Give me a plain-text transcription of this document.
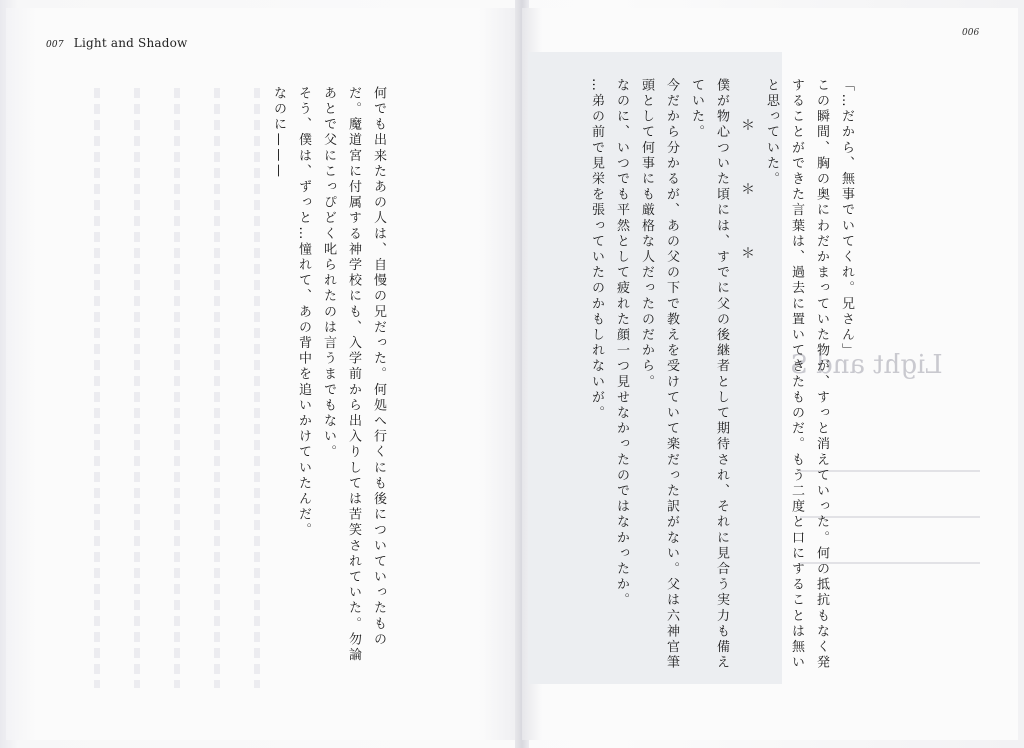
007 Light and Shadow

何でも出来たあの人は、自慢の兄だった。何処へ行くにも後についていったものだ。魔道宮に付属する神学校にも、入学前から出入りしては苦笑されていた。勿論あとで父にこっぴどく叱られたのは言うまでもない。

そう、僕は、ずっと…憧れて、あの背中を追いかけていたんだ。

なのに———

006
Light and S

「…だから、無事でいてくれ。兄さん」

この瞬間、胸の奥にわだかまっていた物が、すっと消えていった。何の抵抗もなく発することができた言葉は、過去に置いてきたものだ。もう二度と口にすることは無いと思っていた。

＊　＊　＊

僕が物心ついた頃には、すでに父の後継者として期待され、それに見合う実力も備えていた。

今だから分かるが、あの父の下で教えを受けていて楽だった訳がない。父は六神官筆頭として何事にも厳格な人だったのだから。

なのに、いつでも平然として疲れた顔一つ見せなかったのではなかったか。

…弟の前で見栄を張っていたのかもしれないが。
